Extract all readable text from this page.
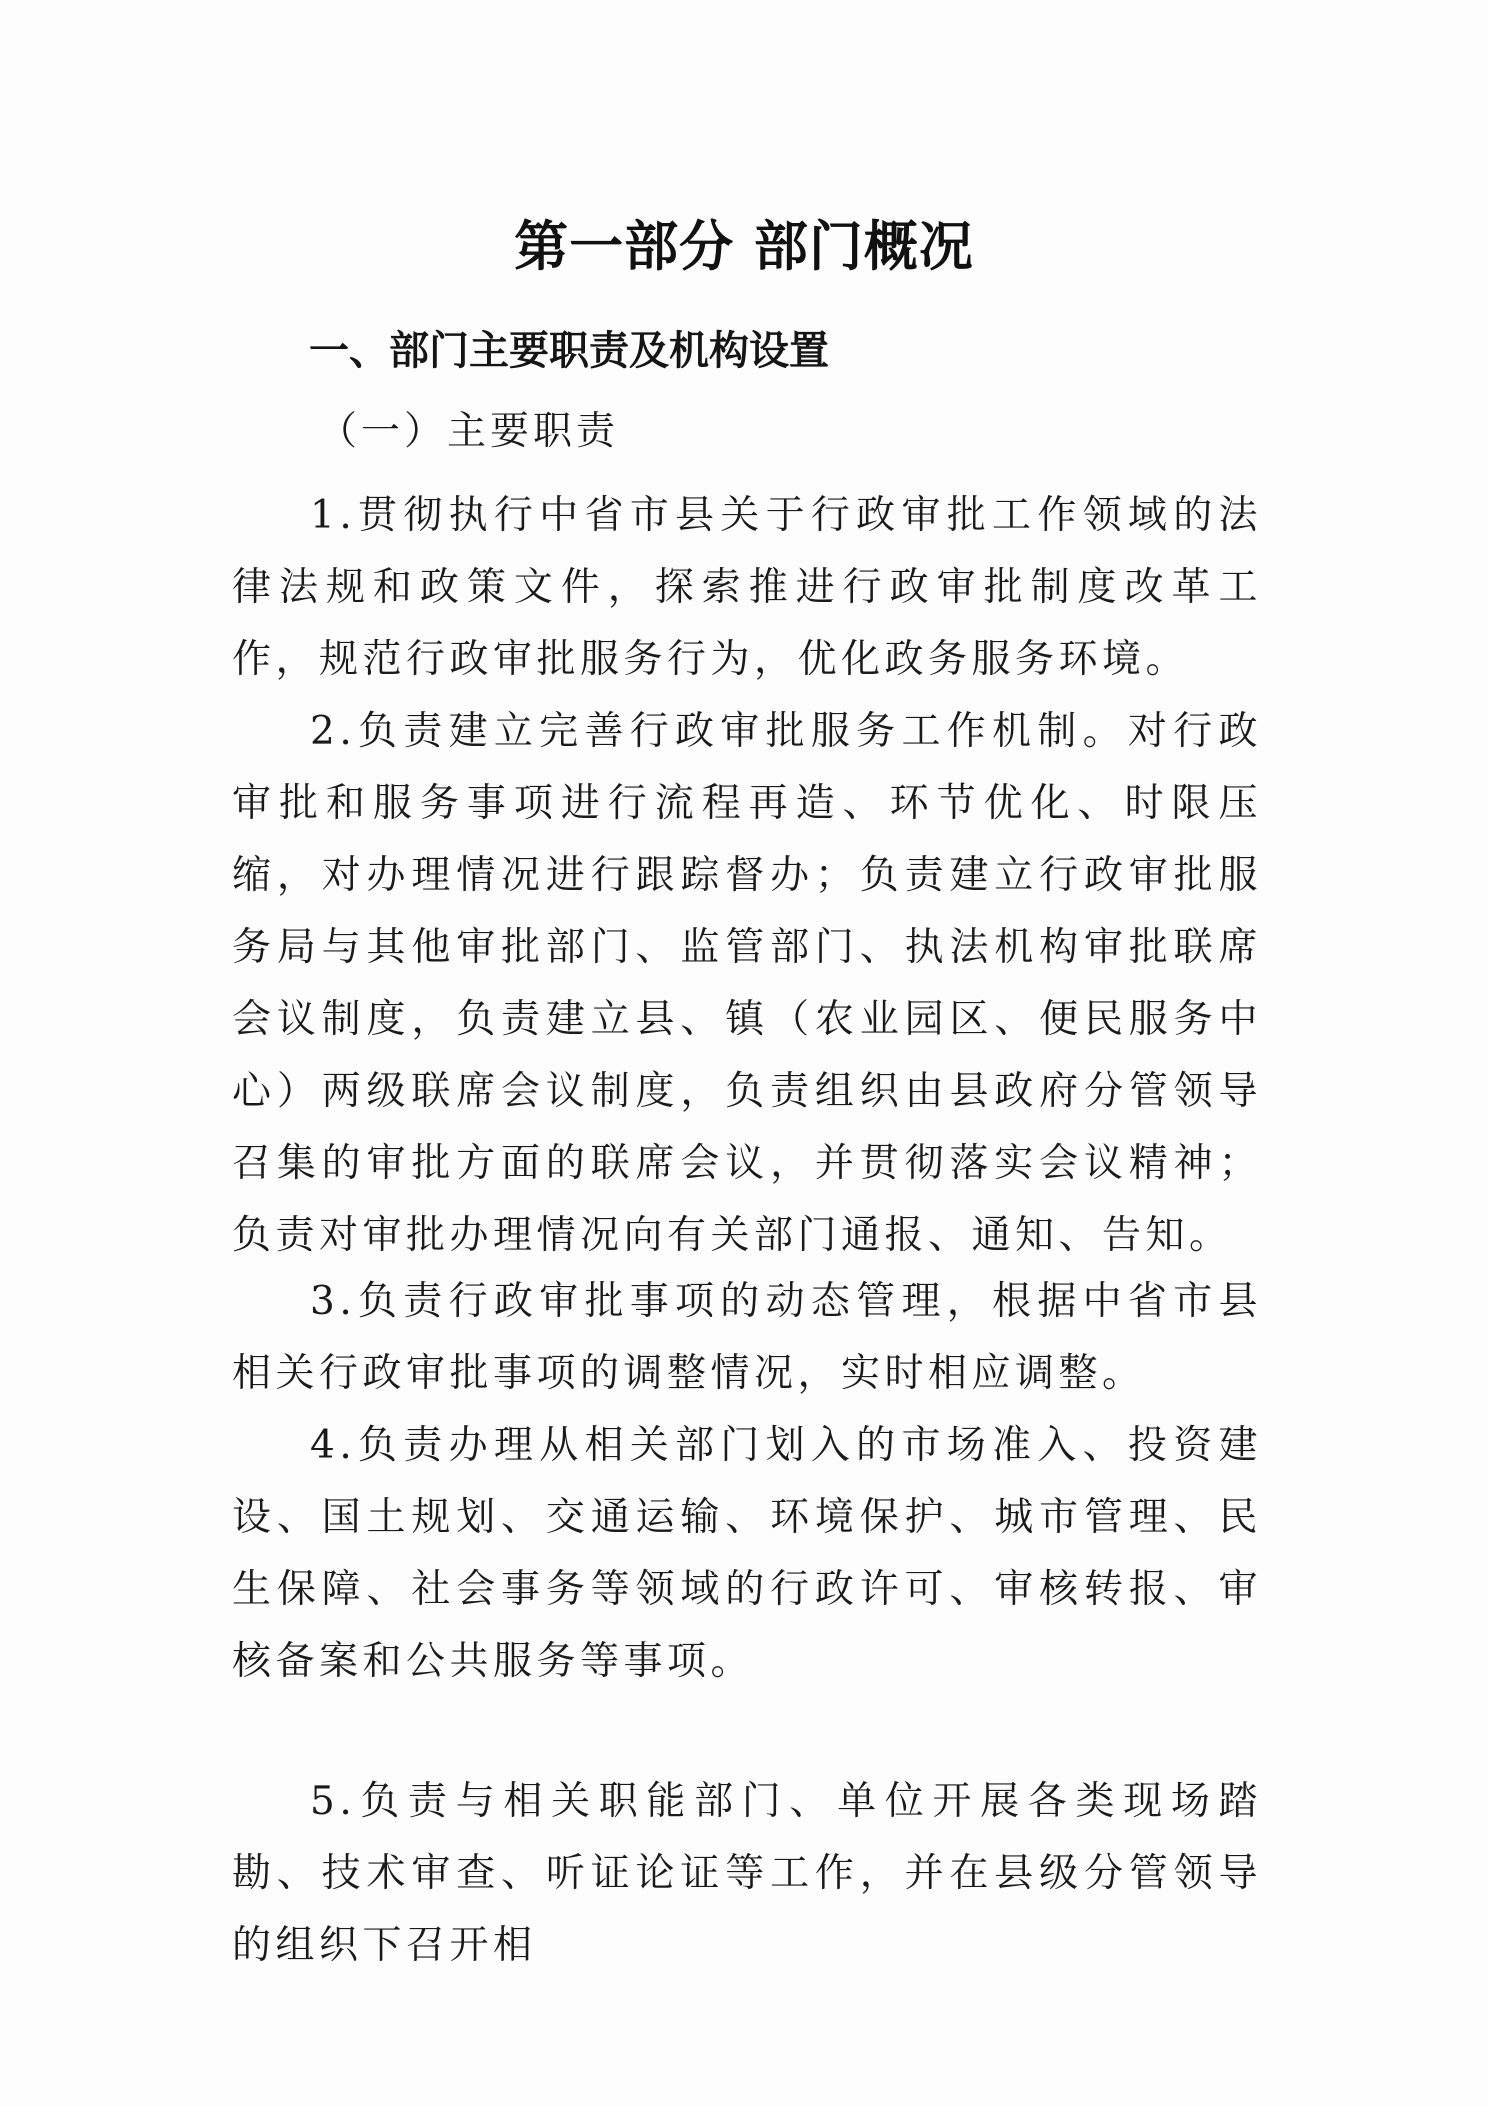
第一部分 部门概况
一、部门主要职责及机构设置
（一）主要职责
1.贯彻执行中省市县关于行政审批工作领域的法律法规和政策文件，探索推进行政审批制度改革工作，规范行政审批服务行为，优化政务服务环境。
2.负责建立完善行政审批服务工作机制。对行政审批和服务事项进行流程再造、环节优化、时限压缩，对办理情况进行跟踪督办；负责建立行政审批服务局与其他审批部门、监管部门、执法机构审批联席会议制度，负责建立县、镇（农业园区、便民服务中心）两级联席会议制度，负责组织由县政府分管领导召集的审批方面的联席会议，并贯彻落实会议精神；负责对审批办理情况向有关部门通报、通知、告知。
3.负责行政审批事项的动态管理，根据中省市县相关行政审批事项的调整情况，实时相应调整。
4.负责办理从相关部门划入的市场准入、投资建设、国土规划、交通运输、环境保护、城市管理、民生保障、社会事务等领域的行政许可、审核转报、审核备案和公共服务等事项。
5.负责与相关职能部门、单位开展各类现场踏勘、技术审查、听证论证等工作，并在县级分管领导的组织下召开相
